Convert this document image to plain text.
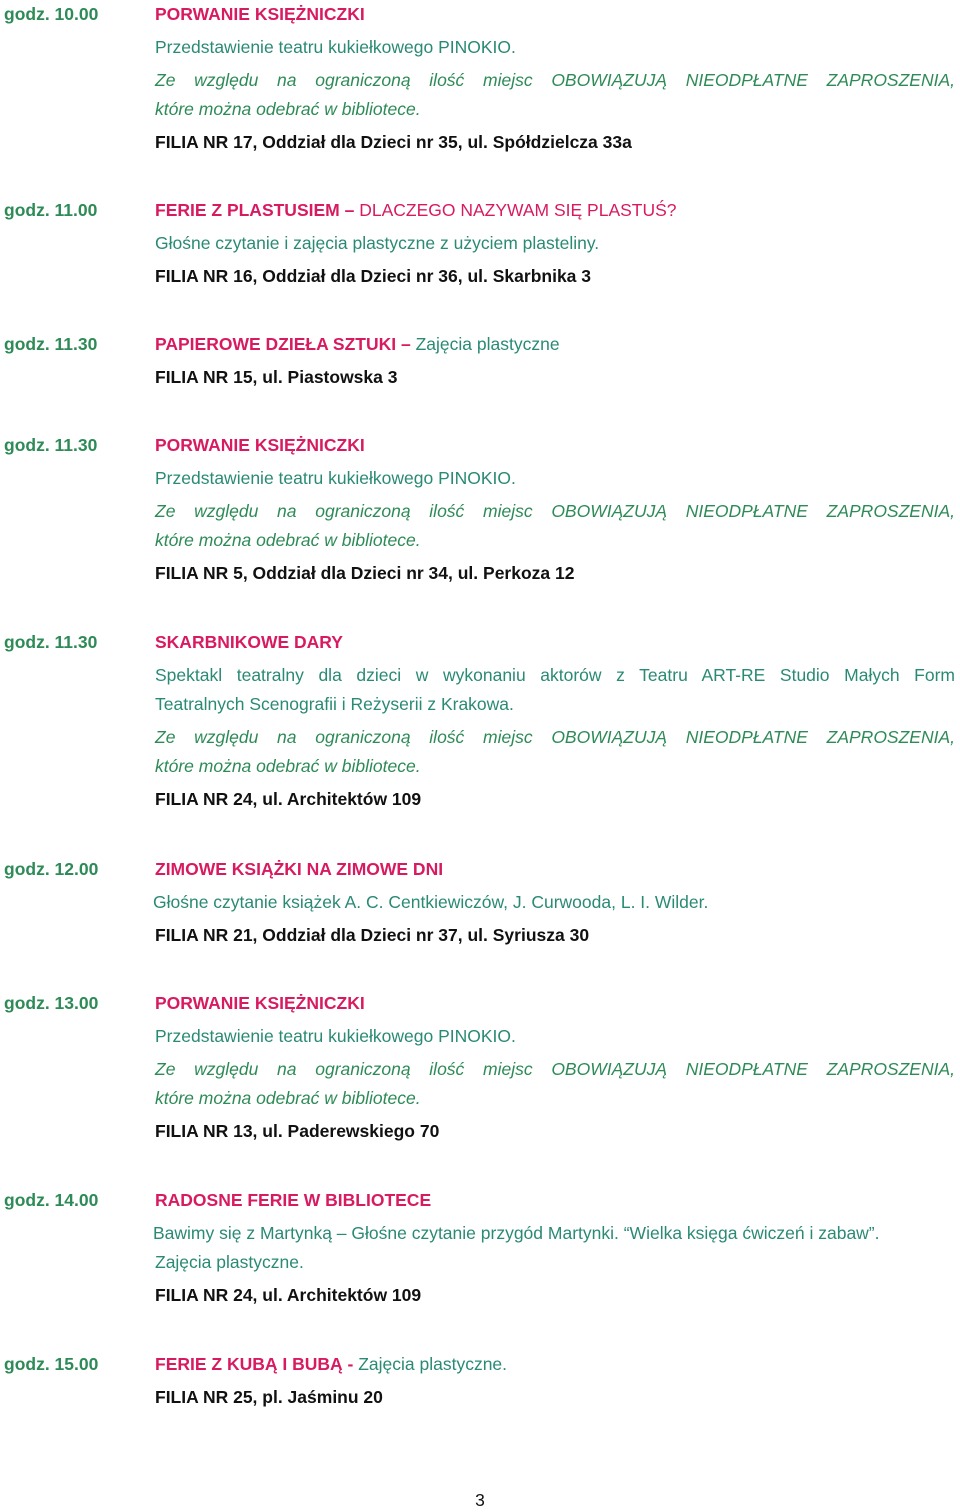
godz. 10.00	PORWANIE KSIĘŻNICZKI
Przedstawienie teatru kukiełkowego PINOKIO.
Ze względu na ograniczoną ilość miejsc OBOWIĄZUJĄ NIEODPŁATNE ZAPROSZENIA,
które można odebrać w bibliotece.
FILIA NR 17, Oddział dla Dzieci nr 35, ul. Spółdzielcza 33a
godz. 11.00	FERIE Z PLASTUSIEM – DLACZEGO NAZYWAM SIĘ PLASTUŚ?
Głośne czytanie i zajęcia plastyczne z użyciem plasteliny.
FILIA NR 16, Oddział dla Dzieci nr 36, ul. Skarbnika 3
godz. 11.30	PAPIEROWE DZIEŁA SZTUKI – Zajęcia plastyczne
FILIA NR 15, ul. Piastowska 3
godz. 11.30	PORWANIE KSIĘŻNICZKI
Przedstawienie teatru kukiełkowego PINOKIO.
Ze względu na ograniczoną ilość miejsc OBOWIĄZUJĄ NIEODPŁATNE ZAPROSZENIA,
które można odebrać w bibliotece.
FILIA NR 5, Oddział dla Dzieci nr 34, ul. Perkoza 12
godz. 11.30	SKARBNIKOWE DARY
Spektakl teatralny dla dzieci w wykonaniu aktorów z Teatru ART-RE Studio Małych Form
Teatralnych Scenografii i Reżyserii z Krakowa.
Ze względu na ograniczoną ilość miejsc OBOWIĄZUJĄ NIEODPŁATNE ZAPROSZENIA,
które można odebrać w bibliotece.
FILIA NR 24, ul. Architektów 109
godz. 12.00	ZIMOWE KSIĄŻKI NA ZIMOWE DNI
Głośne czytanie książek A. C. Centkiewiczów, J. Curwooda, L. I. Wilder.
FILIA NR 21, Oddział dla Dzieci nr 37, ul. Syriusza 30
godz. 13.00	PORWANIE KSIĘŻNICZKI
Przedstawienie teatru kukiełkowego PINOKIO.
Ze względu na ograniczoną ilość miejsc OBOWIĄZUJĄ NIEODPŁATNE ZAPROSZENIA,
które można odebrać w bibliotece.
FILIA NR 13, ul. Paderewskiego 70
godz. 14.00	RADOSNE FERIE W BIBLIOTECE
Bawimy się z Martynką – Głośne czytanie przygód Martynki. “Wielka księga ćwiczeń i zabaw”.
Zajęcia plastyczne.
FILIA NR 24, ul. Architektów 109
godz. 15.00	FERIE Z KUBĄ I BUBĄ - Zajęcia plastyczne.
FILIA NR 25, pl. Jaśminu 20
3
